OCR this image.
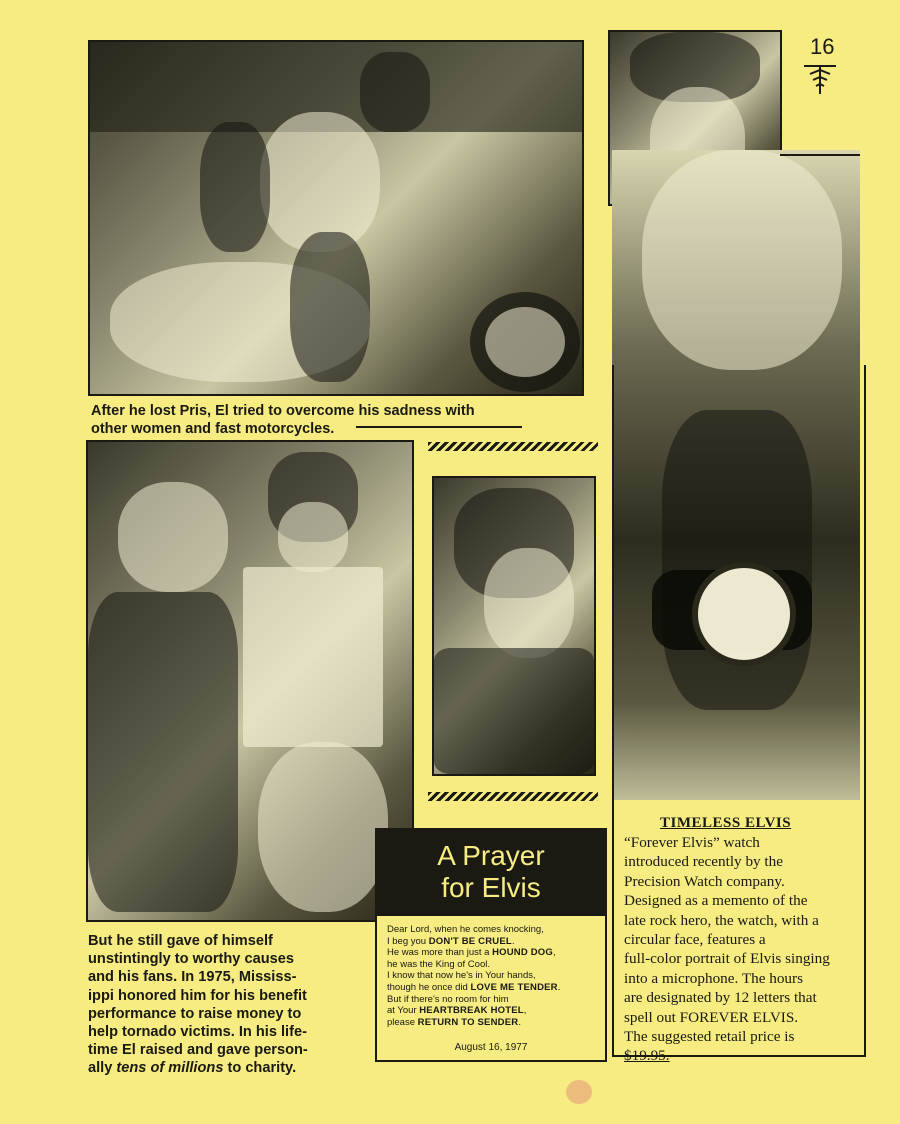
16
After he lost Pris, El tried to overcome his sadness with
other women and fast motorcycles.
But he still gave of himself
unstintingly to worthy causes
and his fans. In 1975, Mississ-
ippi honored him for his benefit
performance to raise money to
help tornado victims. In his life-
time El raised and gave person-
ally tens of millions to charity.
A Prayer
for Elvis
Dear Lord, when he comes knocking,
I beg you DON'T BE CRUEL.
He was more than just a HOUND DOG,
he was the King of Cool.
I know that now he's in Your hands,
though he once did LOVE ME TENDER.
But if there's no room for him
at Your HEARTBREAK HOTEL,
please RETURN TO SENDER.
August 16, 1977
TIMELESS ELVIS
“Forever Elvis” watch
introduced recently by the
Precision Watch company.
Designed as a memento of the
late rock hero, the watch, with a
circular face, features a
full-color portrait of Elvis singing
into a microphone. The hours
are designated by 12 letters that
spell out FOREVER ELVIS.
The suggested retail price is
$19.95.
